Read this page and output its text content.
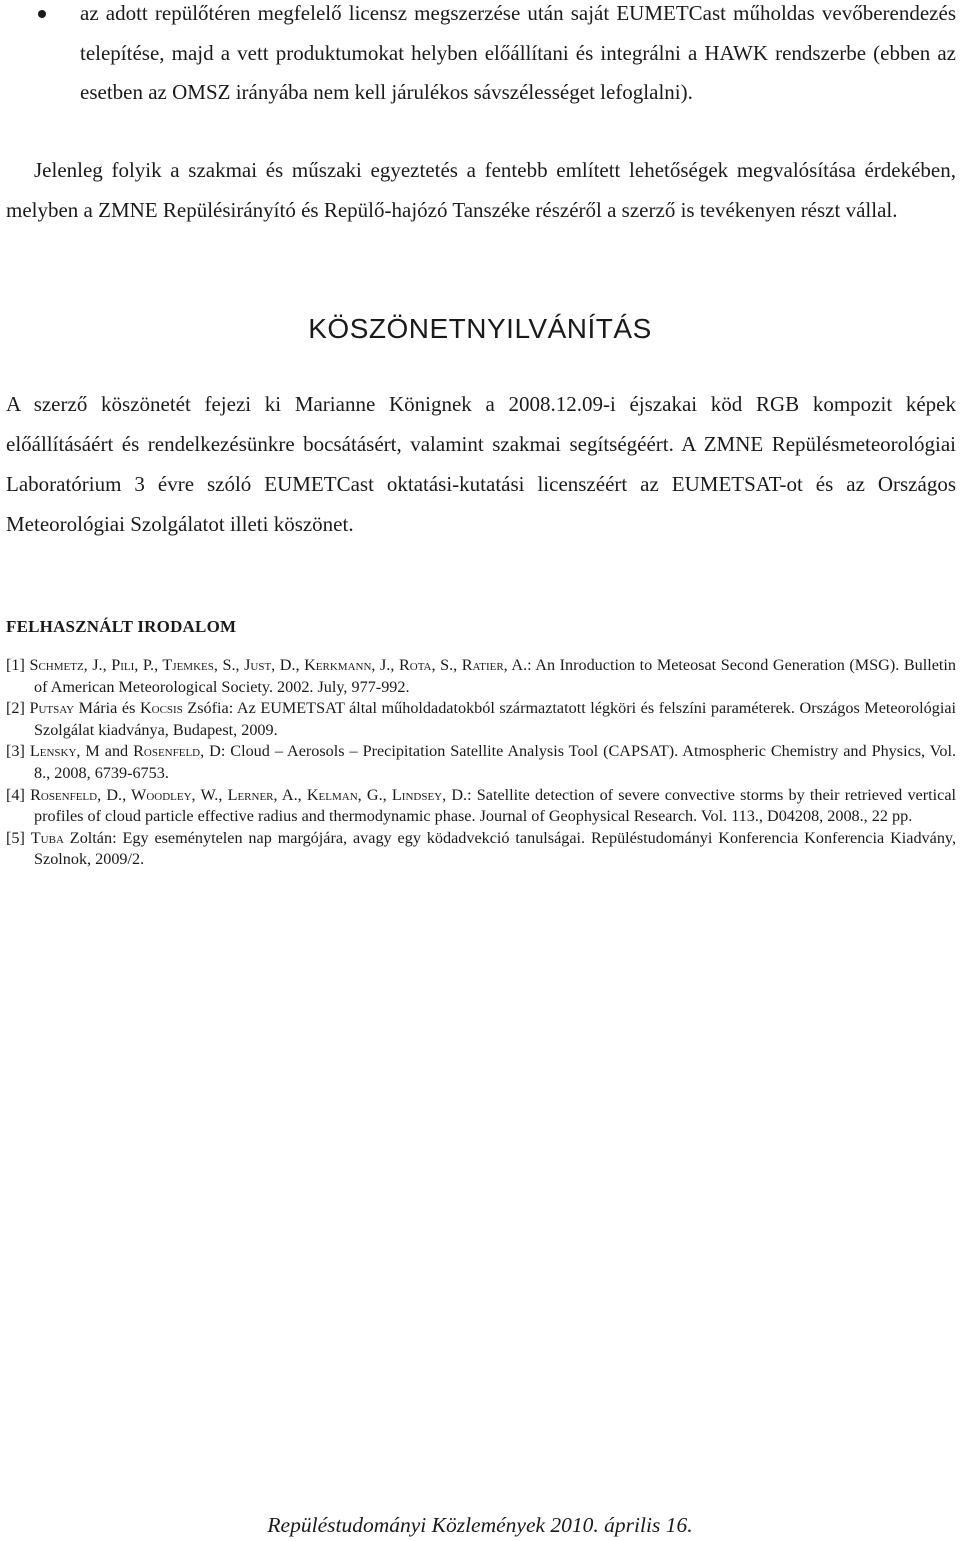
az adott repülőtéren megfelelő licensz megszerzése után saját EUMETCast műholdas vevőberendezés telepítése, majd a vett produktumokat helyben előállítani és integrálni a HAWK rendszerbe (ebben az esetben az OMSZ irányába nem kell járulékos sávszélességet lefoglalni).
Jelenleg folyik a szakmai és műszaki egyeztetés a fentebb említett lehetőségek megvalósítása érdekében, melyben a ZMNE Repülésirányító és Repülő-hajózó Tanszéke részéről a szerző is tevékenyen részt vállal.
KÖSZÖNETNYILVÁNÍTÁS
A szerző köszönetét fejezi ki Marianne Könignek a 2008.12.09-i éjszakai köd RGB kompozit képek előállításáért és rendelkezésünkre bocsátásért, valamint szakmai segítségéért. A ZMNE Repülésmeteorológiai Laboratórium 3 évre szóló EUMETCast oktatási-kutatási licenszéért az EUMETSAT-ot és az Országos Meteorológiai Szolgálatot illeti köszönet.
FELHASZNÁLT IRODALOM
[1] Schmetz, J., Pili, P., Tjemkes, S., Just, D., Kerkmann, J., Rota, S., Ratier, A.: An Inroduction to Meteosat Second Generation (MSG). Bulletin of American Meteorological Society. 2002. July, 977-992.
[2] Putsay Mária és Kocsis Zsófia: Az EUMETSAT által műholdadatokból származtatott légköri és felszíni paraméterek. Országos Meteorológiai Szolgálat kiadványa, Budapest, 2009.
[3] Lensky, M and Rosenfeld, D: Cloud – Aerosols – Precipitation Satellite Analysis Tool (CAPSAT). Atmospheric Chemistry and Physics, Vol. 8., 2008, 6739-6753.
[4] Rosenfeld, D., Woodley, W., Lerner, A., Kelman, G., Lindsey, D.: Satellite detection of severe convective storms by their retrieved vertical profiles of cloud particle effective radius and thermodynamic phase. Journal of Geophysical Research. Vol. 113., D04208, 2008., 22 pp.
[5] Tuba Zoltán: Egy eseménytelen nap margójára, avagy egy ködadvekció tanulságai. Repüléstudományi Konferencia Konferencia Kiadvány, Szolnok, 2009/2.
Repüléstudományi Közlemények 2010. április 16.
